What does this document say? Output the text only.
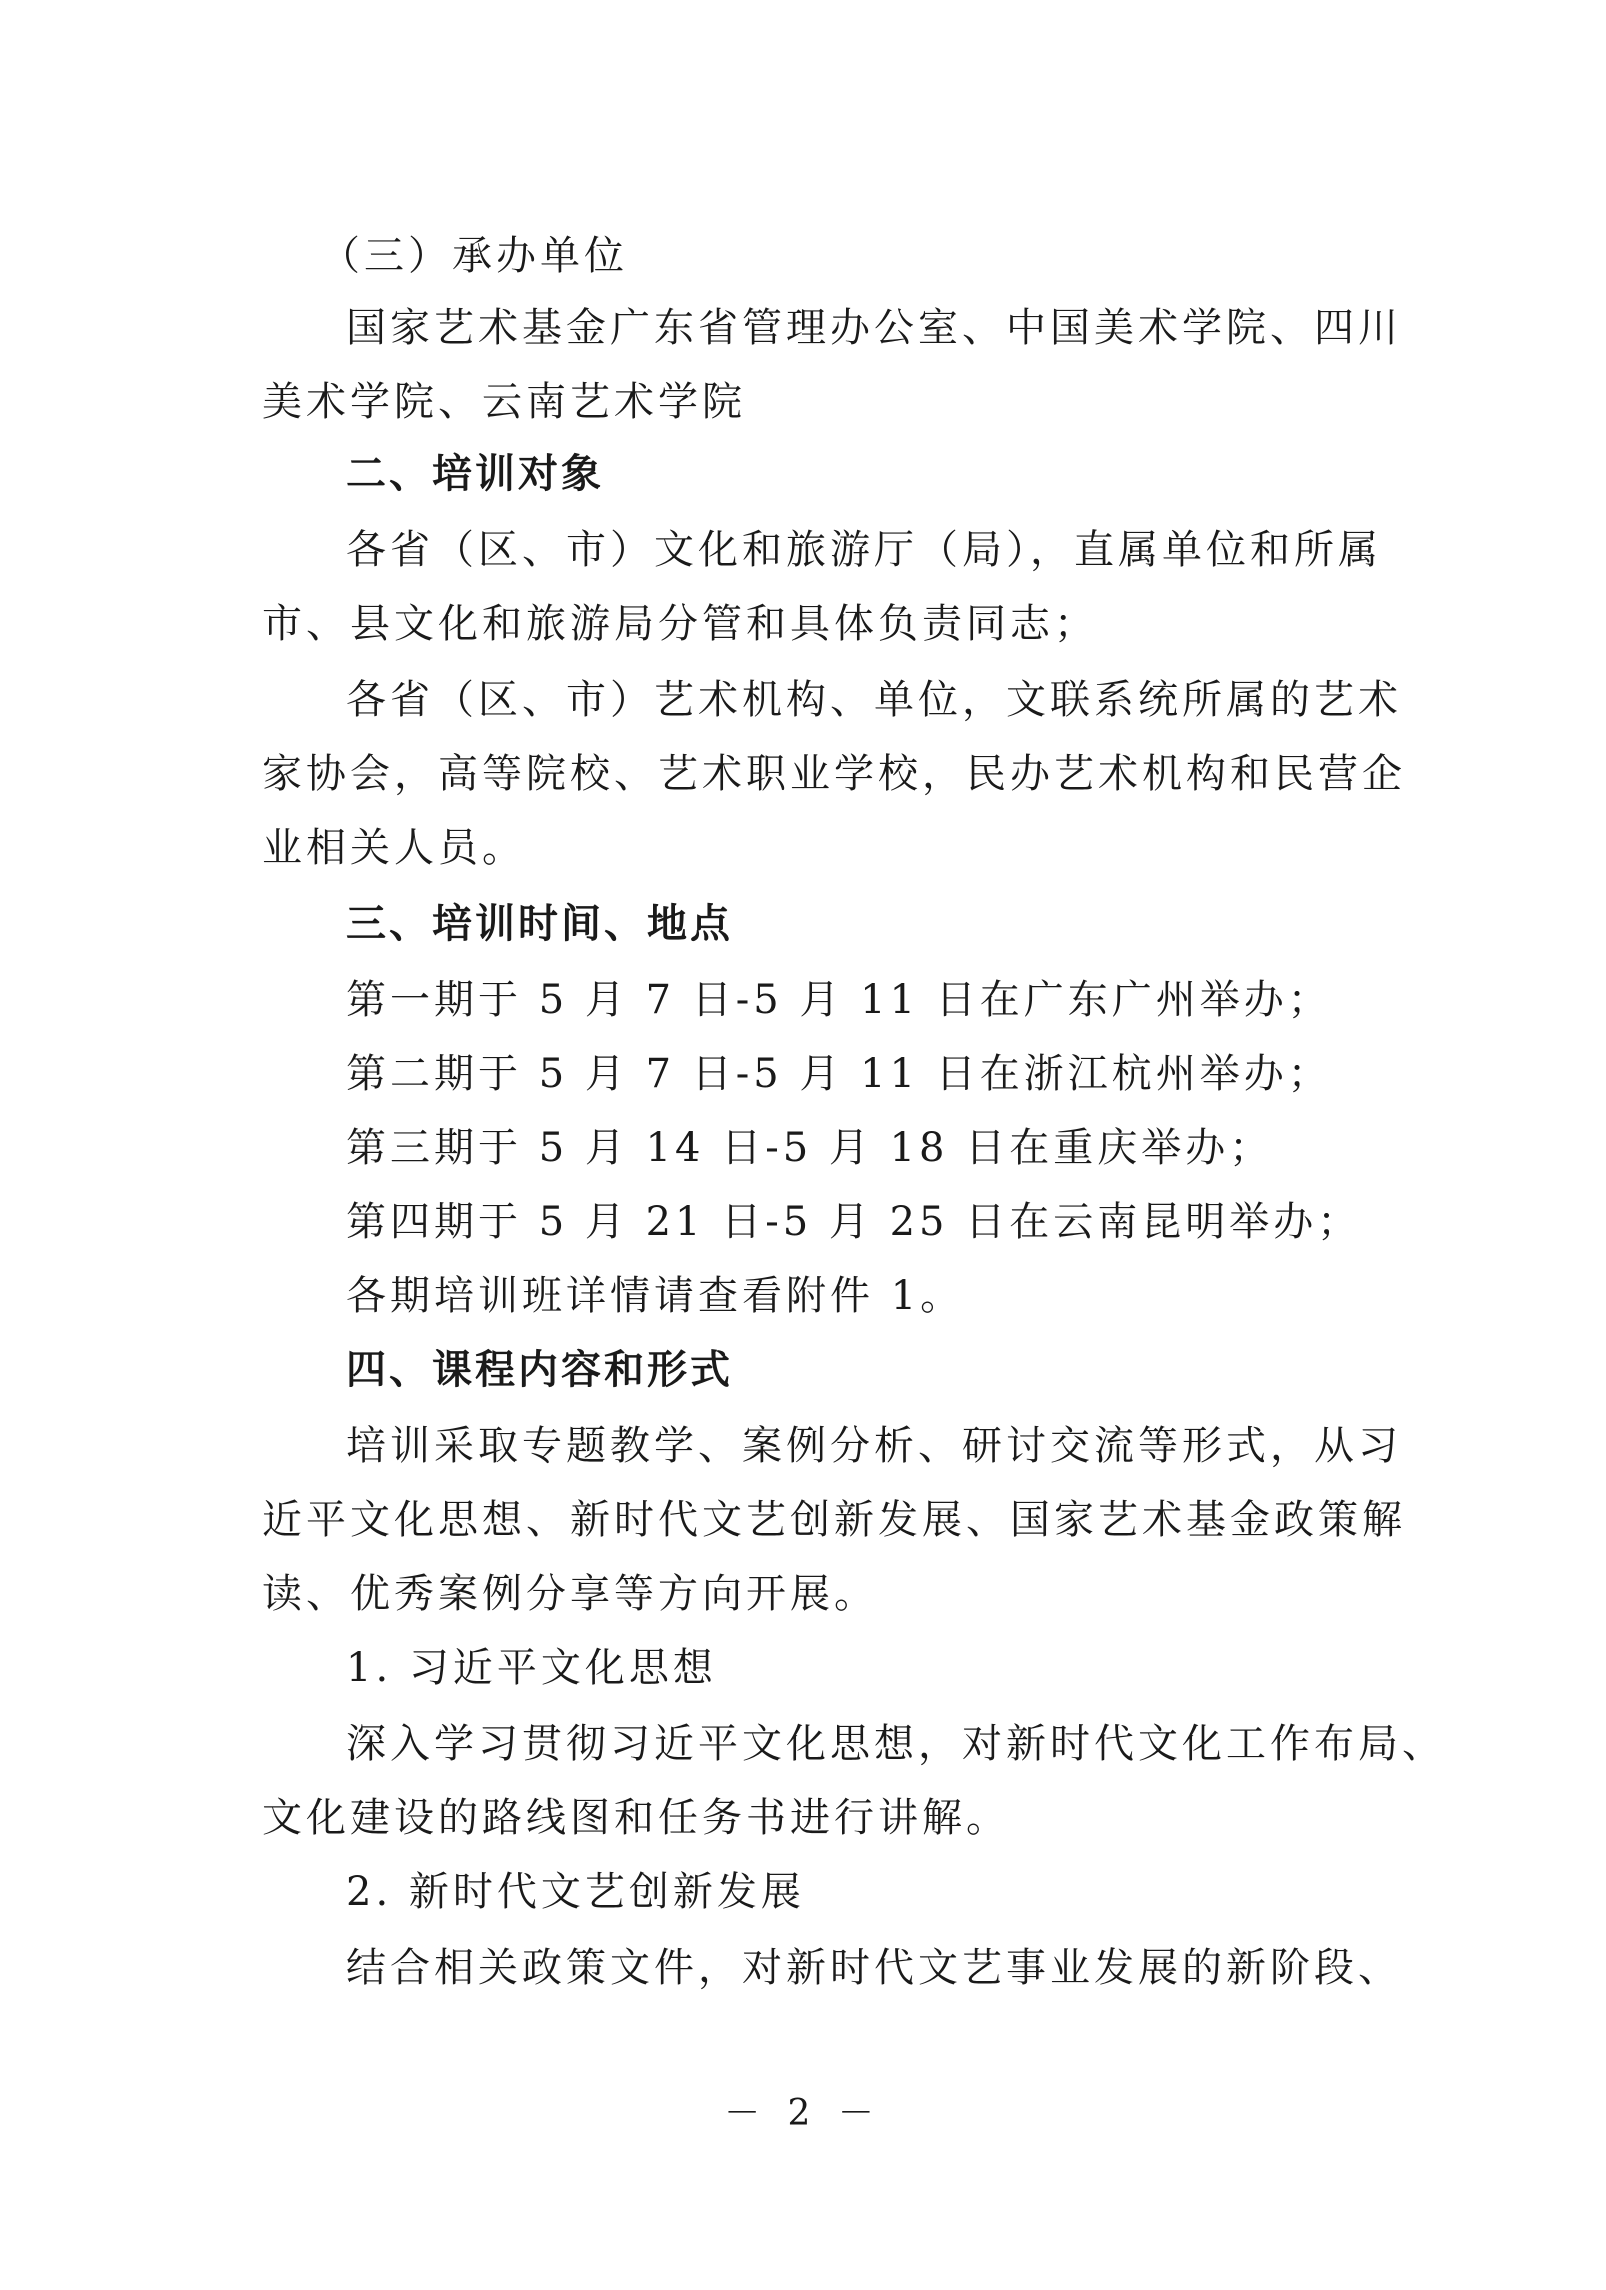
（三）承办单位
国家艺术基金广东省管理办公室、中国美术学院、四川
美术学院、云南艺术学院
二、培训对象
各省（区、市）文化和旅游厅（局），直属单位和所属
市、县文化和旅游局分管和具体负责同志；
各省（区、市）艺术机构、单位，文联系统所属的艺术
家协会，高等院校、艺术职业学校，民办艺术机构和民营企
业相关人员。
三、培训时间、地点
第一期于 5 月 7 日-5 月 11 日在广东广州举办；
第二期于 5 月 7 日-5 月 11 日在浙江杭州举办；
第三期于 5 月 14 日-5 月 18 日在重庆举办；
第四期于 5 月 21 日-5 月 25 日在云南昆明举办；
各期培训班详情请查看附件 1。
四、课程内容和形式
培训采取专题教学、案例分析、研讨交流等形式，从习
近平文化思想、新时代文艺创新发展、国家艺术基金政策解
读、优秀案例分享等方向开展。
1. 习近平文化思想
深入学习贯彻习近平文化思想，对新时代文化工作布局、
文化建设的路线图和任务书进行讲解。
2. 新时代文艺创新发展
结合相关政策文件，对新时代文艺事业发展的新阶段、
－ 2 －
